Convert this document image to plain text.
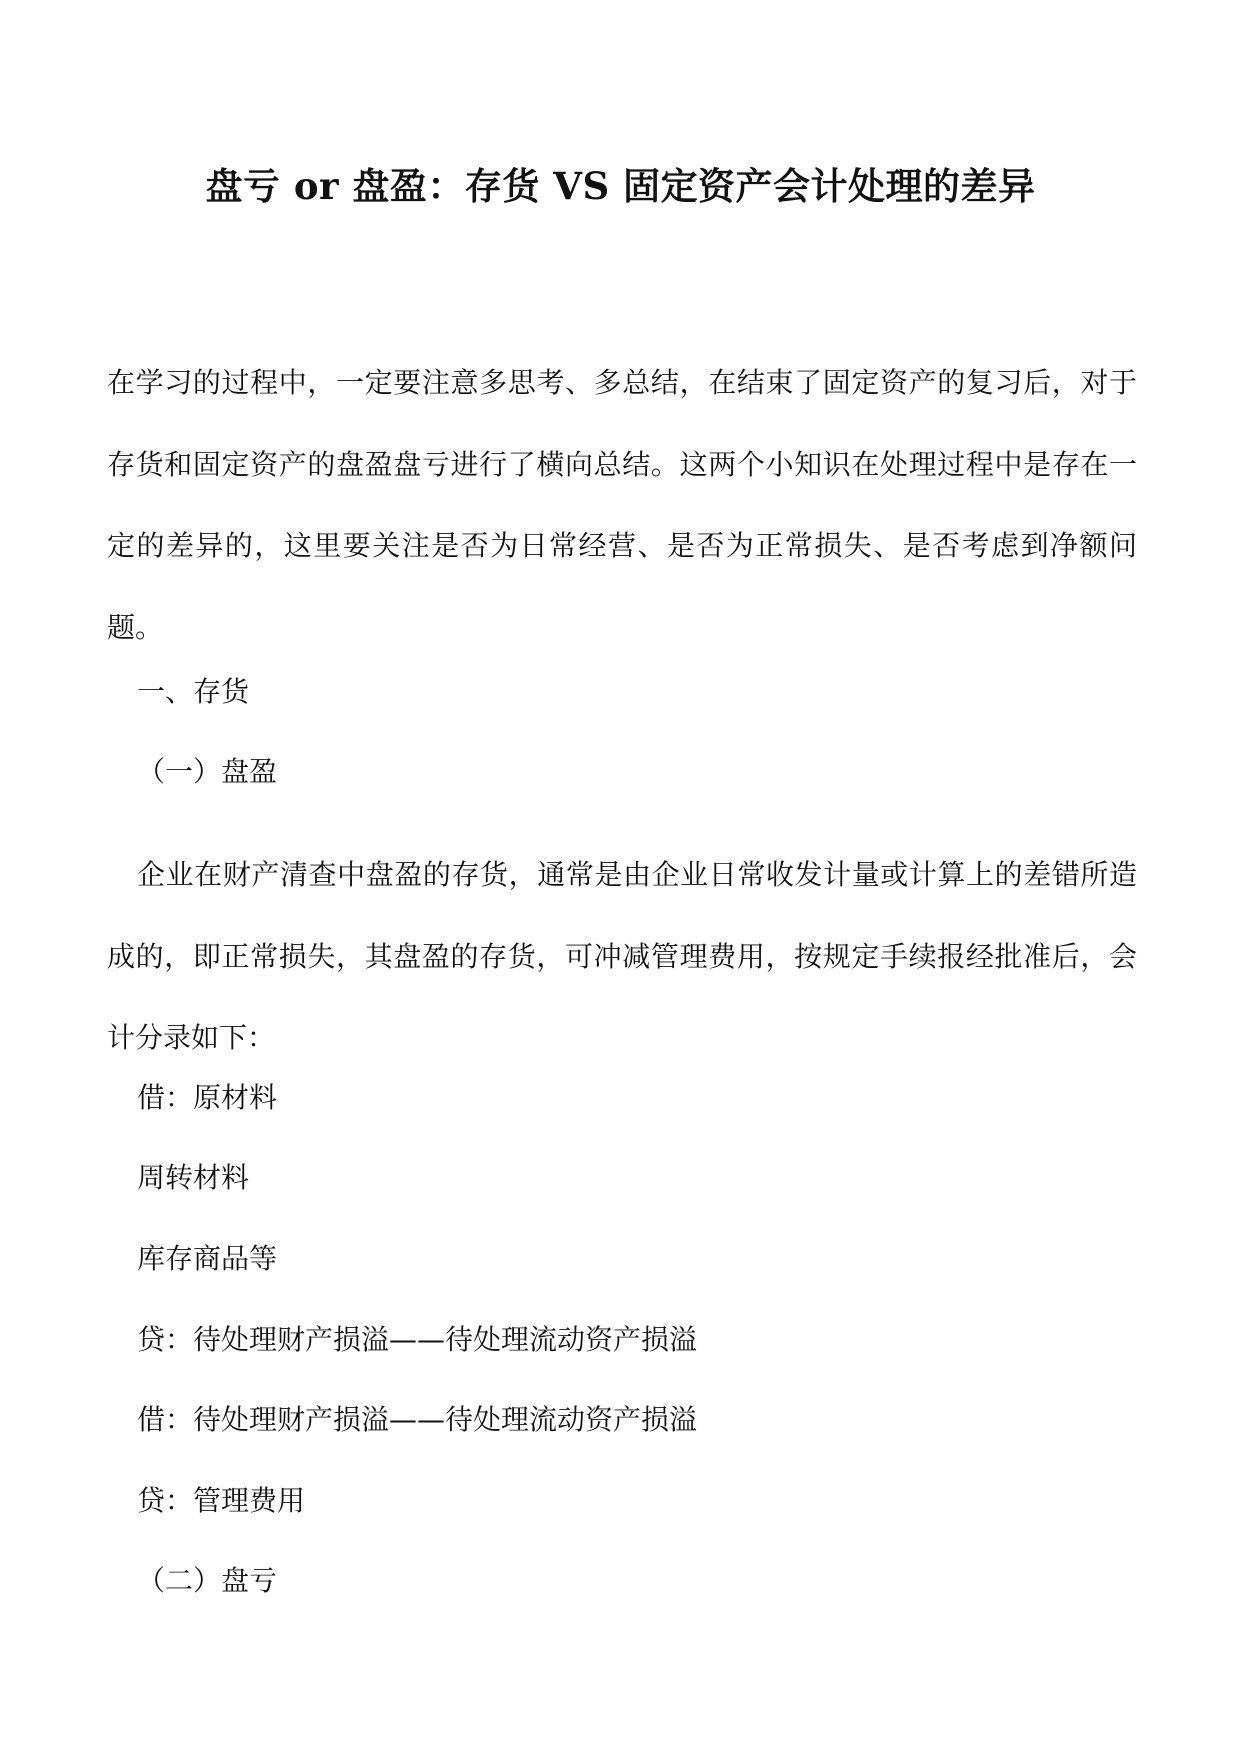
盘亏 or 盘盈：存货 VS 固定资产会计处理的差异

在学习的过程中，一定要注意多思考、多总结，在结束了固定资产的复习后，对于存货和固定资产的盘盈盘亏进行了横向总结。这两个小知识在处理过程中是存在一定的差异的，这里要关注是否为日常经营、是否为正常损失、是否考虑到净额问题。

一、存货

（一）盘盈

企业在财产清查中盘盈的存货，通常是由企业日常收发计量或计算上的差错所造成的，即正常损失，其盘盈的存货，可冲减管理费用，按规定手续报经批准后，会计分录如下：

借：原材料

周转材料

库存商品等

贷：待处理财产损溢——待处理流动资产损溢

借：待处理财产损溢——待处理流动资产损溢

贷：管理费用

（二）盘亏
